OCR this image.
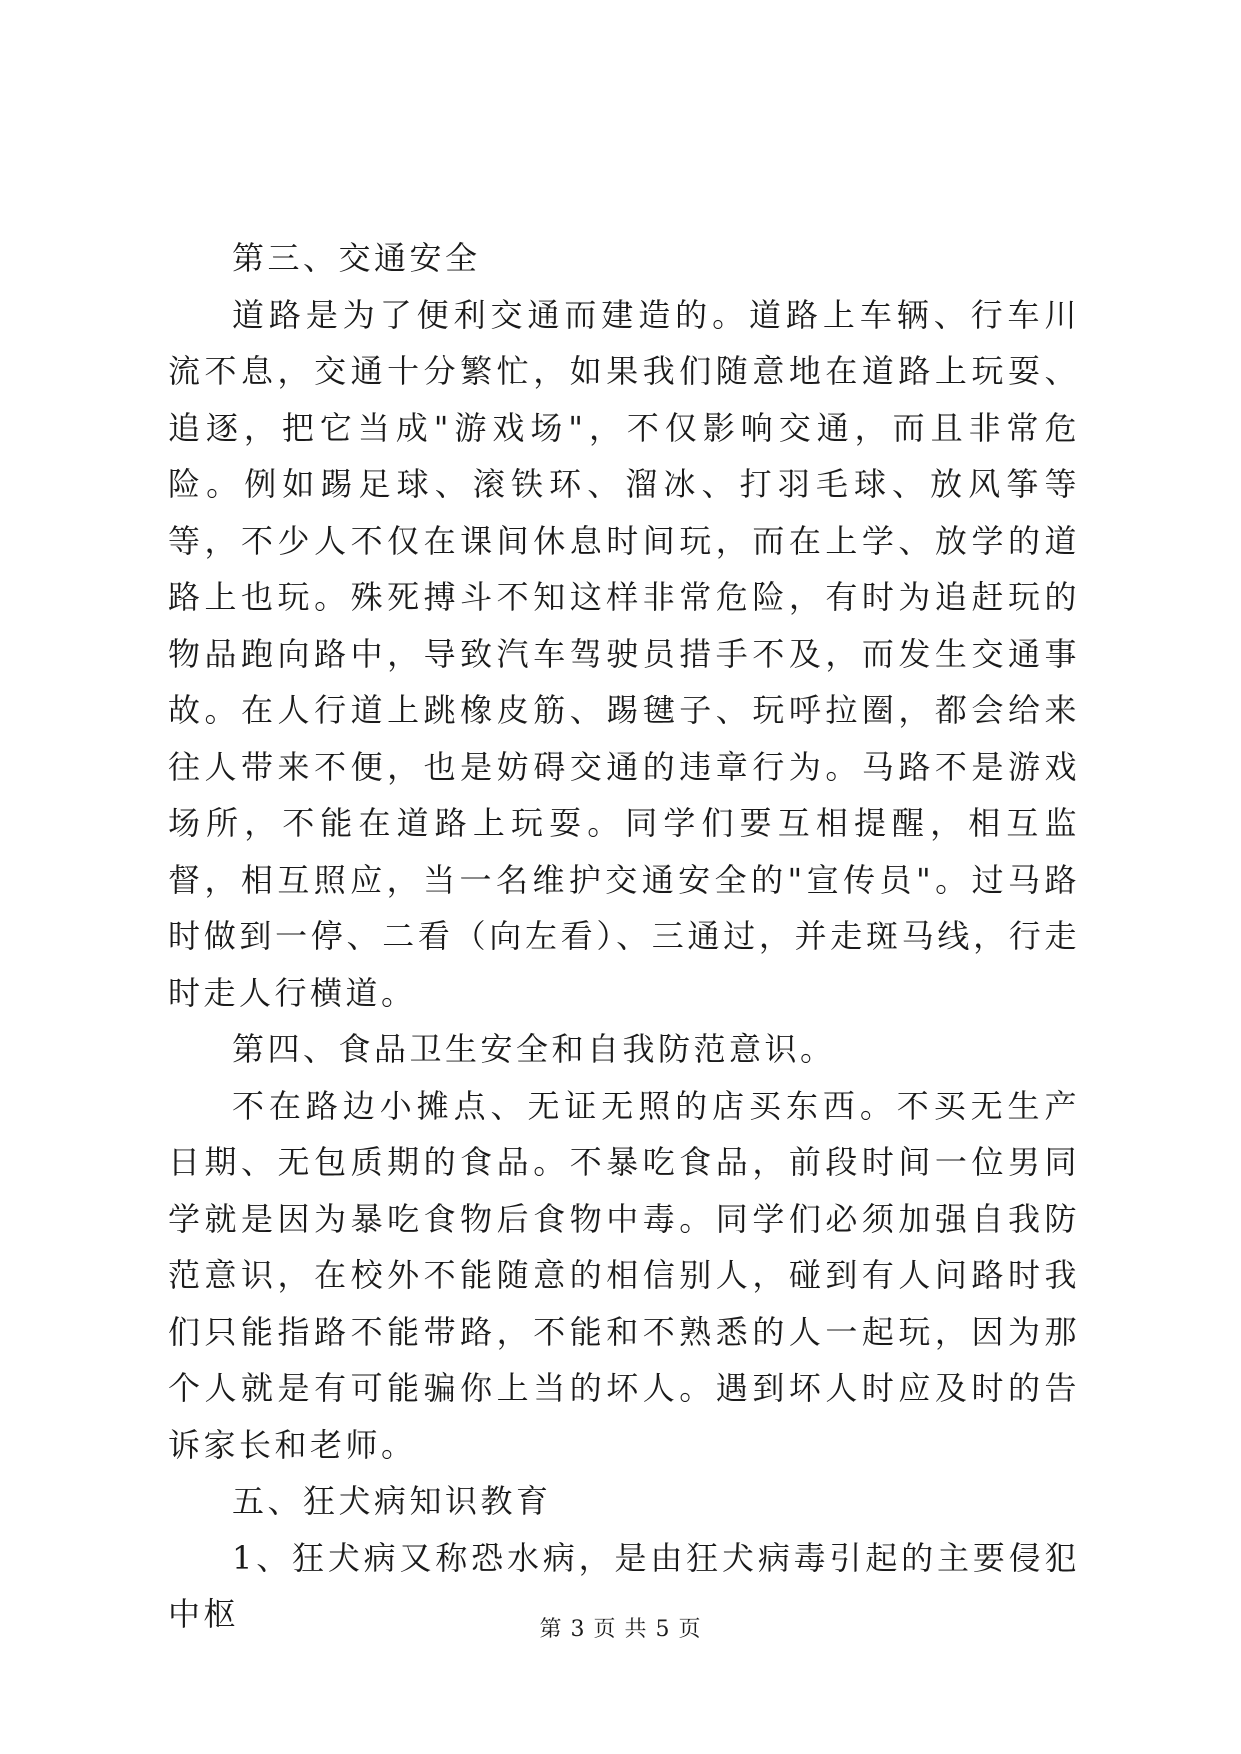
第三、交通安全

道路是为了便利交通而建造的。道路上车辆、行车川流不息，交通十分繁忙，如果我们随意地在道路上玩耍、追逐，把它当成"游戏场"，不仅影响交通，而且非常危险。例如踢足球、滚铁环、溜冰、打羽毛球、放风筝等等，不少人不仅在课间休息时间玩，而在上学、放学的道路上也玩。殊死搏斗不知这样非常危险，有时为追赶玩的物品跑向路中，导致汽车驾驶员措手不及，而发生交通事故。在人行道上跳橡皮筋、踢毽子、玩呼拉圈，都会给来往人带来不便，也是妨碍交通的违章行为。马路不是游戏场所，不能在道路上玩耍。同学们要互相提醒，相互监督，相互照应，当一名维护交通安全的"宣传员"。过马路时做到一停、二看（向左看）、三通过，并走斑马线，行走时走人行横道。

第四、食品卫生安全和自我防范意识。

不在路边小摊点、无证无照的店买东西。不买无生产日期、无包质期的食品。不暴吃食品，前段时间一位男同学就是因为暴吃食物后食物中毒。同学们必须加强自我防范意识，在校外不能随意的相信别人，碰到有人问路时我们只能指路不能带路，不能和不熟悉的人一起玩，因为那个人就是有可能骗你上当的坏人。遇到坏人时应及时的告诉家长和老师。

五、狂犬病知识教育

1、狂犬病又称恐水病，是由狂犬病毒引起的主要侵犯中枢	第 3 页 共 5 页
